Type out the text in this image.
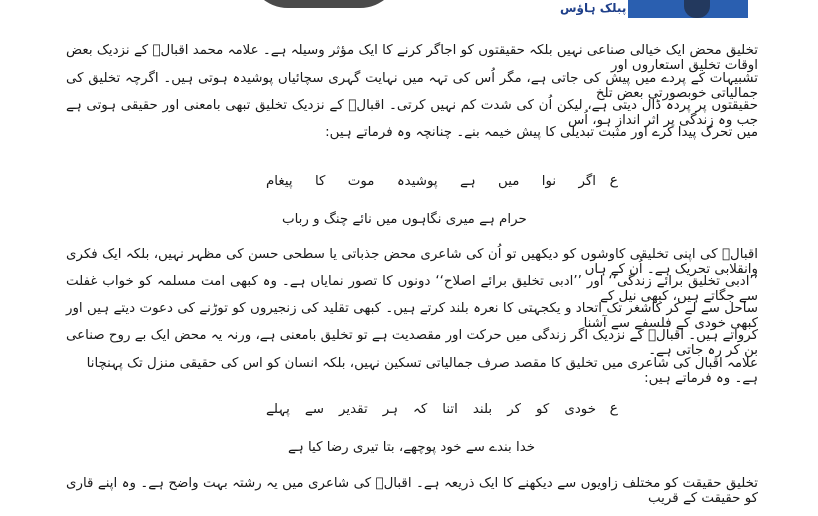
پبلک ہاؤس
تخلیق محض ایک خیالی صناعی نہیں بلکہ حقیقتوں کو اجاگر کرنے کا ایک مؤثر وسیلہ ہے۔ علامہ محمد اقبالؒ کے نزدیک بعض اوقات تخلیق استعاروں اور
تشبیہات کے پردے میں پیش کی جاتی ہے، مگر اُس کی تہہ میں نہایت گہری سچائیاں پوشیدہ ہوتی ہیں۔ اگرچہ تخلیق کی جمالیاتی خوبصورتی بعض تلخ
حقیقتوں پر پردہ ڈال دیتی ہے، لیکن اُن کی شدت کم نہیں کرتی۔ اقبالؒ کے نزدیک تخلیق تبھی بامعنی اور حقیقی ہوتی ہے جب وہ زندگی پر اثر انداز ہو، اُس
میں تحرک پیدا کرے اور مثبت تبدیلی کا پیش خیمہ بنے۔ چنانچہ وہ فرماتے ہیں:
ع
اگر نوا میں ہے پوشیدہ موت کا پیغام
حرام ہے میری نگاہوں میں نائے چنگ و رباب
اقبالؒ کی اپنی تخلیقی کاوشوں کو دیکھیں تو اُن کی شاعری محض جذباتی یا سطحی حسن کی مظہر نہیں، بلکہ ایک فکری وانقلابی تحریک ہے۔ اُن کے ہاں
’’ادبی تخلیق برائے زندگی‘‘ اور ’’ادبی تخلیق برائے اصلاح‘‘ دونوں کا تصور نمایاں ہے۔ وہ کبھی امت مسلمہ کو خواب غفلت سے جگاتے ہیں، کبھی نیل کے
ساحل سے لے کر کاشغر تک اتحاد و یکجہتی کا نعرہ بلند کرتے ہیں۔ کبھی تقلید کی زنجیروں کو توڑنے کی دعوت دیتے ہیں اور کبھی خودی کے فلسفے سے آشنا
کرواتے ہیں۔ اقبالؒ کے نزدیک اگر زندگی میں حرکت اور مقصدیت ہے تو تخلیق بامعنی ہے، ورنہ یہ محض ایک بے روح صناعی بن کر رہ جاتی ہے۔
علامہ اقبال کی شاعری میں تخلیق کا مقصد صرف جمالیاتی تسکین نہیں، بلکہ انسان کو اس کی حقیقی منزل تک پہنچانا ہے۔ وہ فرماتے ہیں:
ع
خودی کو کر بلند اتنا کہ ہر تقدیر سے پہلے
خدا بندے سے خود پوچھے، بتا تیری رضا کیا ہے
تخلیق حقیقت کو مختلف زاویوں سے دیکھنے کا ایک ذریعہ ہے۔ اقبالؒ کی شاعری میں یہ رشتہ بہت واضح ہے۔ وہ اپنے قاری کو حقیقت کے قریب
